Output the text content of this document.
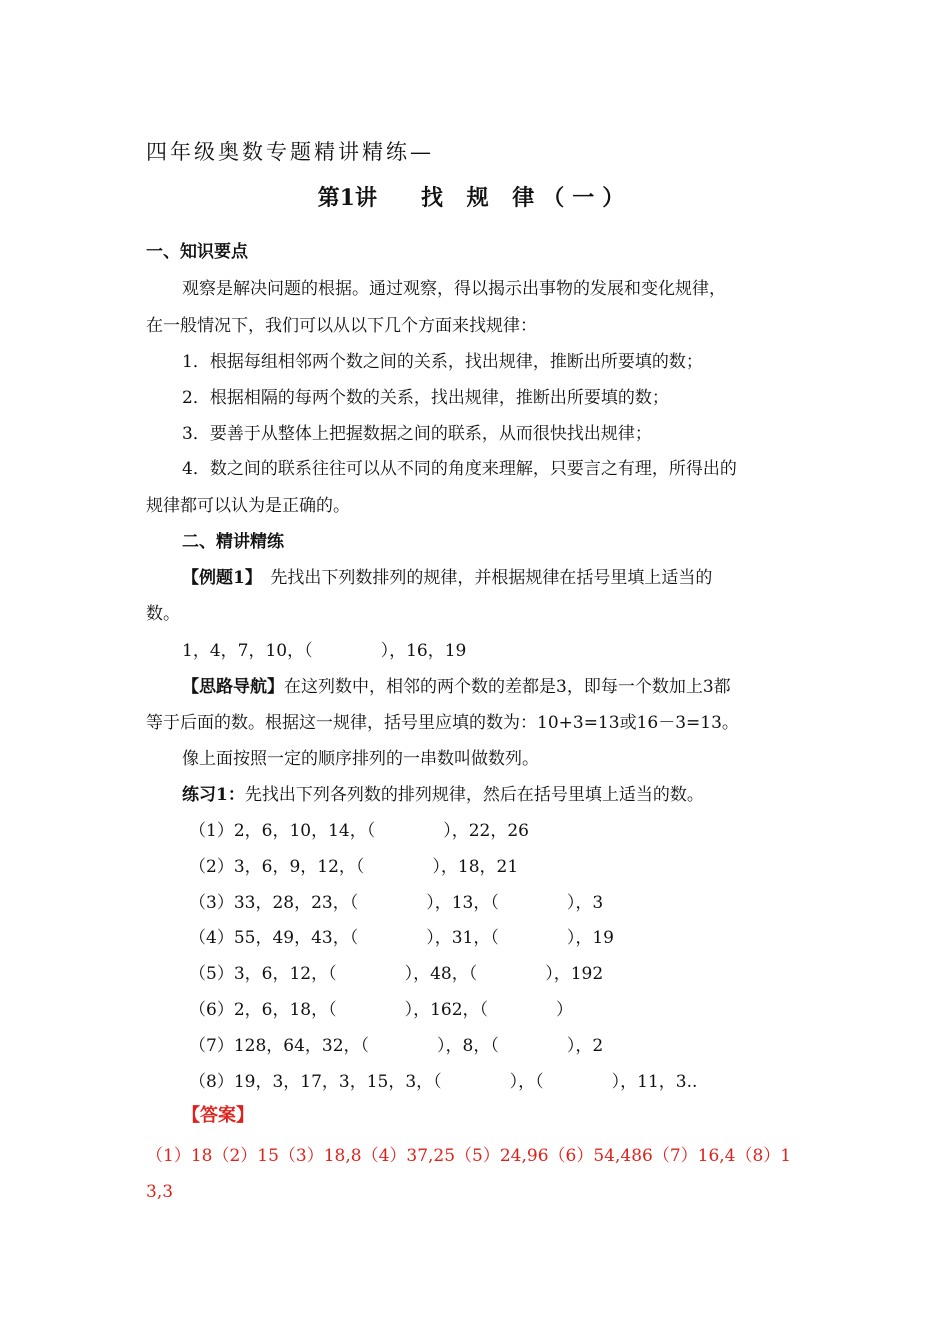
四年级奥数专题精讲精练—
第1讲 找 规 律（一）
一、知识要点
观察是解决问题的根据。通过观察，得以揭示出事物的发展和变化规律，
在一般情况下，我们可以从以下几个方面来找规律：
1．根据每组相邻两个数之间的关系，找出规律，推断出所要填的数；
2．根据相隔的每两个数的关系，找出规律，推断出所要填的数；
3．要善于从整体上把握数据之间的联系，从而很快找出规律；
4．数之间的联系往往可以从不同的角度来理解，只要言之有理，所得出的
规律都可以认为是正确的。
二、精讲精练
【例题1】　先找出下列数排列的规律，并根据规律在括号里填上适当的
数。
1，4，7，10，（　　　　），16，19
【思路导航】在这列数中，相邻的两个数的差都是3，即每一个数加上3都
等于后面的数。根据这一规律，括号里应填的数为：10+3=13或16－3=13。
像上面按照一定的顺序排列的一串数叫做数列。
练习1：先找出下列各列数的排列规律，然后在括号里填上适当的数。
（1）2，6，10，14，（　　　　），22，26
（2）3，6，9，12，（　　　　），18，21
（3）33，28，23，（　　　　），13，（　　　　），3
（4）55，49，43，（　　　　），31，（　　　　），19
（5）3，6，12，（　　　　），48，（　　　　），192
（6）2，6，18，（　　　　），162，（　　　　）
（7）128，64，32，（　　　　），8，（　　　　），2
（8）19，3，17，3，15，3，（　　　　），（　　　　），11，3..
【答案】
（1）18（2）15（3）18,8（4）37,25（5）24,96（6）54,486（7）16,4（8）1
3,3
